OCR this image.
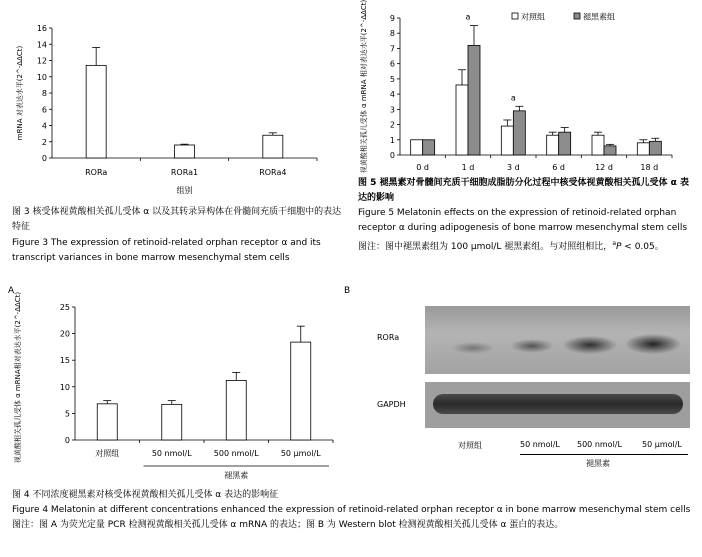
0
2
4
6
8
10
12
14
16
RORa	RORa1	RORa4
mRNA 对表达水平(2^-ΔΔCt)
组别
图 3 核受体视黄酸相关孤儿受体 α 以及其转录异构体在骨髓间充质干细胞中的表达特征
Figure 3 The expression of retinoid-related orphan receptor α and its transcript variances in bone marrow mesenchymal stem cells
0
1
2
3
4
5
6
7
8
9
0 d	1 d	3 d	6 d	12 d	18 d
视黄酸相关孤儿受体 α mRNA 相对表达水平(2^-ΔΔCt)	a
a
对照组	褪黑素组
图 5 褪黑素对骨髓间充质干细胞成脂肪分化过程中核受体视黄酸相关孤儿受体 α 表达的影响
Figure 5 Melatonin effects on the expression of retinoid-related orphan receptor α during adipogenesis of bone marrow mesenchymal stem cells
图注：图中褪黑素组为 100 μmol/L 褪黑素组。与对照组相比，$^a$P < 0.05。
0
5
10
15
20
25
对照组	50 nmol/L	500 nmol/L	50 μmol/L
A
视黄酸相关孤儿受体 α mRNA相对表达水平(2^-ΔΔCt)
褪黑素
B
RORa
GAPDH
对照组	50 nmol/L 500 nmol/L	50 μmol/L
褪黑素
图 4 不同浓度褪黑素对核受体视黄酸相关孤儿受体 α 表达的影响征
Figure 4 Melatonin at different concentrations enhanced the expression of retinoid-related orphan receptor α in bone marrow mesenchymal stem cells
图注：图 A 为荧光定量 PCR 检测视黄酸相关孤儿受体 α mRNA 的表达；图 B 为 Western blot 检测视黄酸相关孤儿受体 α 蛋白的表达。
